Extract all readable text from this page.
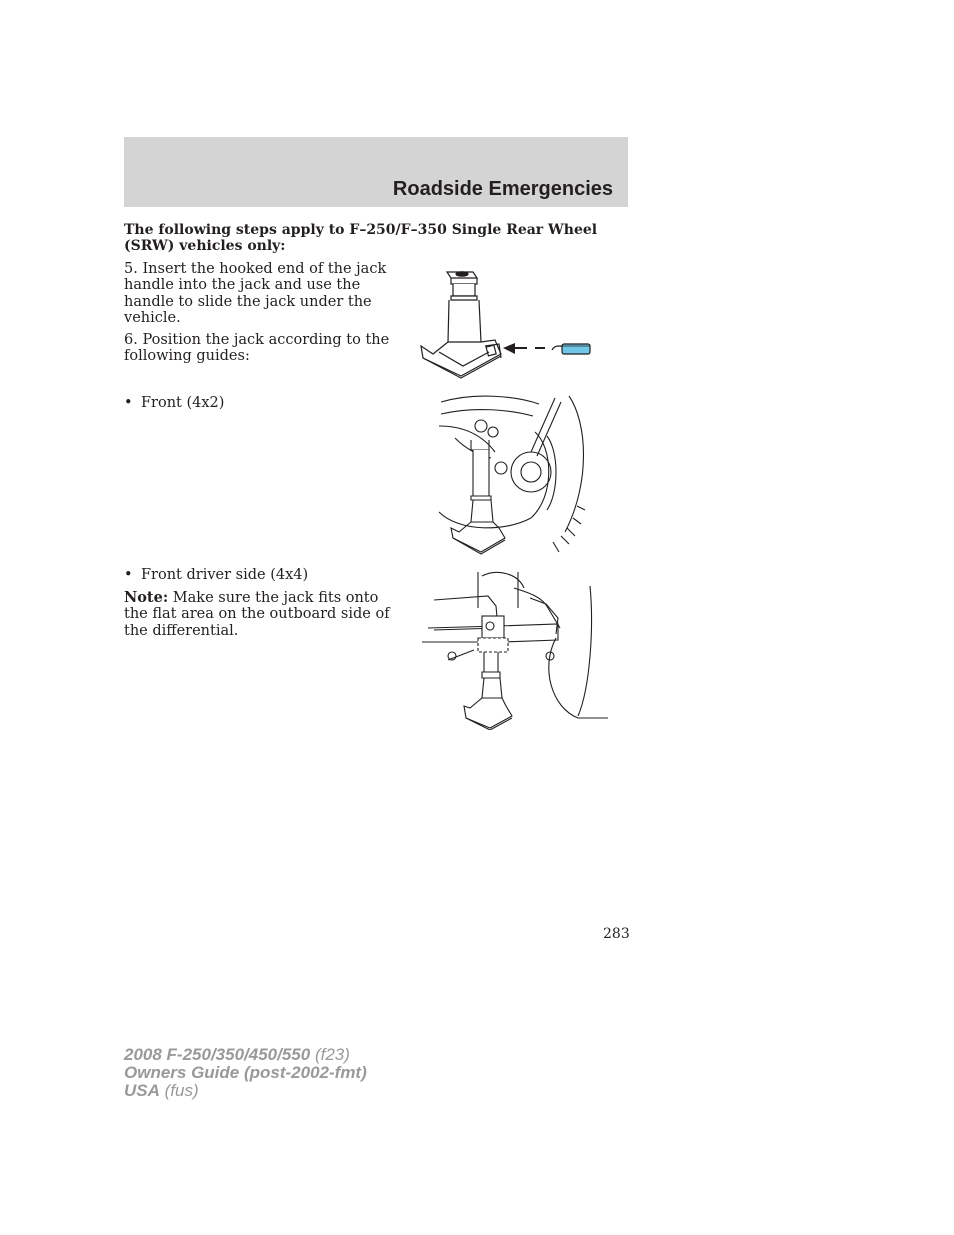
Roadside Emergencies
The following steps apply to F–250/F–350 Single Rear Wheel (SRW) vehicles only:
5. Insert the hooked end of the jack handle into the jack and use the handle to slide the jack under the vehicle.
6. Position the jack according to the following guides:
• Front (4x2)
• Front driver side (4x4)
Note: Make sure the jack fits onto the flat area on the outboard side of the differential.
283
2008 F-250/350/450/550 (f23)
Owners Guide (post-2002-fmt)
USA (fus)
